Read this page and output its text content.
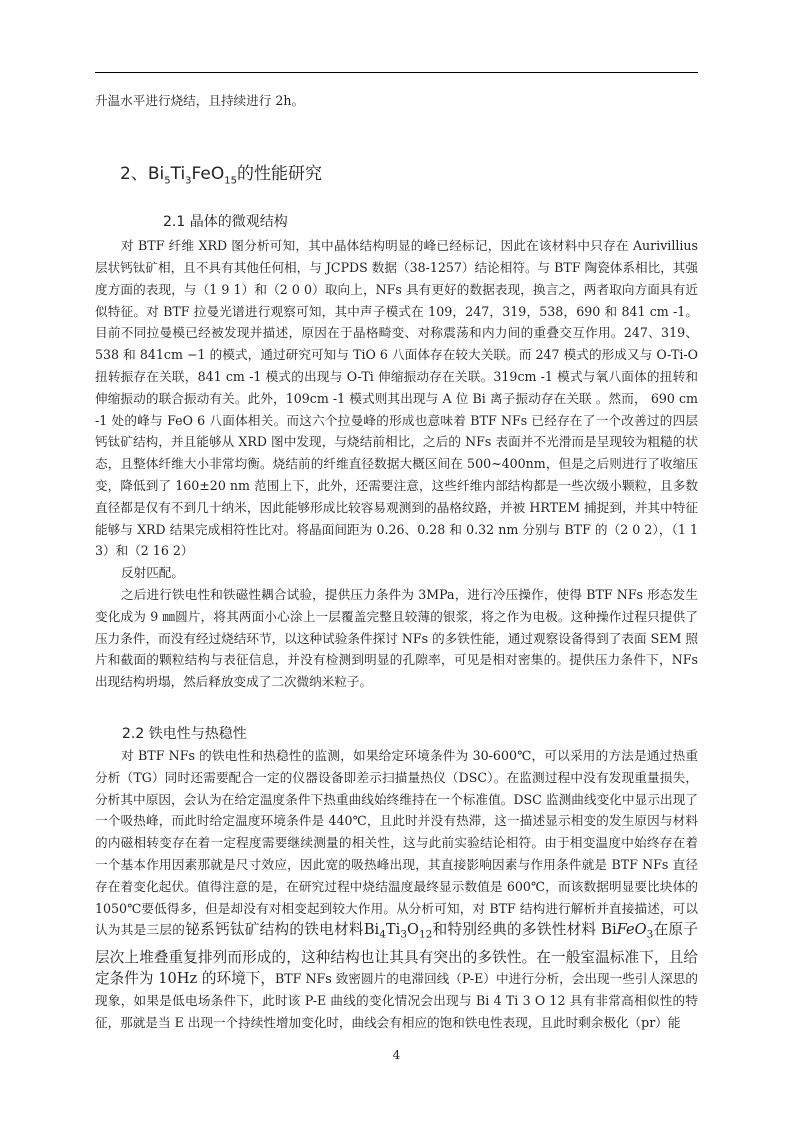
升温水平进行烧结，且持续进行 2h。

2、$Bi_5Ti_3FeO_{15}$的性能研究
2.1 晶体的微观结构

对 BTF 纤维 XRD 图分析可知，其中晶体结构明显的峰已经标记，因此在该材料中只存在 Aurivillius 层状钙钛矿相，且不具有其他任何相，与 JCPDS 数据（38-1257）结论相符。与 BTF 陶瓷体系相比，其强度方面的表现，与（1 9 1）和（2 0 0）取向上，NFs 具有更好的数据表现，换言之，两者取向方面具有近似特征。对 BTF 拉曼光谱进行观察可知，其中声子模式在 109，247，319，538，690 和 841 cm -1。目前不同拉曼模已经被发现并描述，原因在于晶格畸变、对称震荡和内力间的重叠交互作用。247、319、538 和 841cm −1 的模式，通过研究可知与 TiO 6 八面体存在较大关联。而 247 模式的形成又与 O-Ti-O 扭转振存在关联，841 cm -1 模式的出现与 O-Ti 伸缩振动存在关联。319cm -1 模式与氧八面体的扭转和伸缩振动的联合振动有关。此外，109cm -1 模式则其出现与 A 位 Bi 离子振动存在关联 。然而， 690 cm -1 处的峰与 FeO 6 八面体相关。而这六个拉曼峰的形成也意味着 BTF NFs 已经存在了一个改善过的四层钙钛矿结构，并且能够从 XRD 图中发现，与烧结前相比，之后的 NFs 表面并不光滑而是呈现较为粗糙的状态，且整体纤维大小非常均衡。烧结前的纤维直径数据大概区间在 500~400nm，但是之后则进行了收缩压变，降低到了 160±20 nm 范围上下，此外，还需要注意，这些纤维内部结构都是一些次级小颗粒，且多数直径都是仅有不到几十纳米，因此能够形成比较容易观测到的晶格纹路，并被 HRTEM 捕捉到，并其中特征能够与 XRD 结果完成相符性比对。将晶面间距为 0.26、0.28 和 0.32 nm 分别与 BTF 的（2 0 2），（1 1 3）和（2 16 2）

反射匹配。

之后进行铁电性和铁磁性耦合试验，提供压力条件为 3MPa，进行冷压操作，使得 BTF NFs 形态发生变化成为 9 ㎜圆片，将其两面小心涂上一层覆盖完整且较薄的银浆，将之作为电极。这种操作过程只提供了压力条件，而没有经过烧结环节，以这种试验条件探讨 NFs 的多铁性能，通过观察设备得到了表面 SEM 照片和截面的颗粒结构与表征信息，并没有检测到明显的孔隙率，可见是相对密集的。提供压力条件下，NFs 出现结构坍塌，然后释放变成了二次微纳米粒子。

2.2 铁电性与热稳性

对 BTF NFs 的铁电性和热稳性的监测，如果给定环境条件为 30-600℃，可以采用的方法是通过热重分析（TG）同时还需要配合一定的仪器设备即差示扫描量热仪（DSC）。在监测过程中没有发现重量损失，分析其中原因，会认为在给定温度条件下热重曲线始终维持在一个标准值。DSC 监测曲线变化中显示出现了一个吸热峰，而此时给定温度环境条件是 440℃，且此时并没有热滞，这一描述显示相变的发生原因与材料的内磁相转变存在着一定程度需要继续测量的相关性，这与此前实验结论相符。由于相变温度中始终存在着一个基本作用因素那就是尺寸效应，因此宽的吸热峰出现，其直接影响因素与作用条件就是 BTF NFs 直径存在着变化起伏。值得注意的是，在研究过程中烧结温度最终显示数值是 600℃，而该数据明显要比块体的 1050℃要低得多，但是却没有对相变起到较大作用。从分析可知，对 BTF 结构进行解析并直接描述，可以认为其是三层的铋系钙钛矿结构的铁电材料$Bi_4Ti_3O_{12}$和特别经典的多铁性材料 BiFeO$_3$在原子层次上堆叠重复排列而形成的，这种结构也让其具有突出的多铁性。在一般室温标准下，且给定条件为 10Hz 的环境下，BTF NFs 致密圆片的电滞回线（P-E）中进行分析，会出现一些引人深思的现象，如果是低电场条件下，此时该 P-E 曲线的变化情况会出现与 Bi 4 Ti 3 O 12 具有非常高相似性的特征，那就是当 E 出现一个持续性增加变化时，曲线会有相应的饱和铁电性表现，且此时剩余极化（pr）能

4
